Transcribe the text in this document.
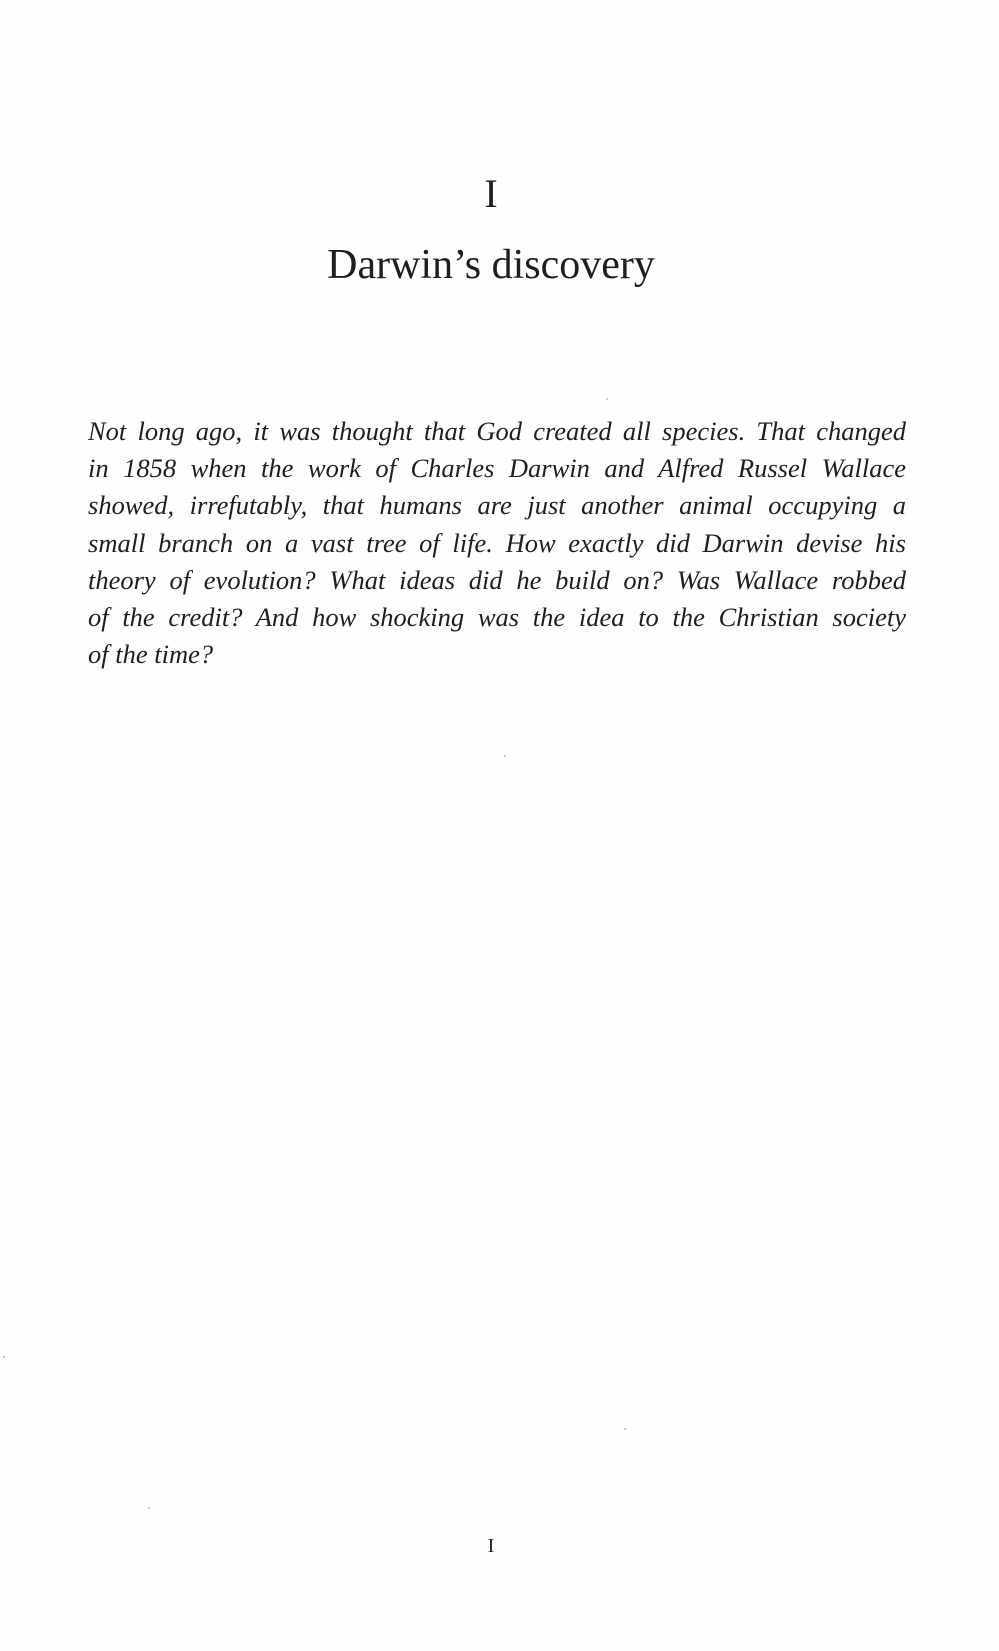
I
Darwin’s discovery

Not long ago, it was thought that God created all species. That changed
in 1858 when the work of Charles Darwin and Alfred Russel Wallace
showed, irrefutably, that humans are just another animal occupying a
small branch on a vast tree of life. How exactly did Darwin devise his
theory of evolution? What ideas did he build on? Was Wallace robbed
of the credit? And how shocking was the idea to the Christian society
of the time?

I
